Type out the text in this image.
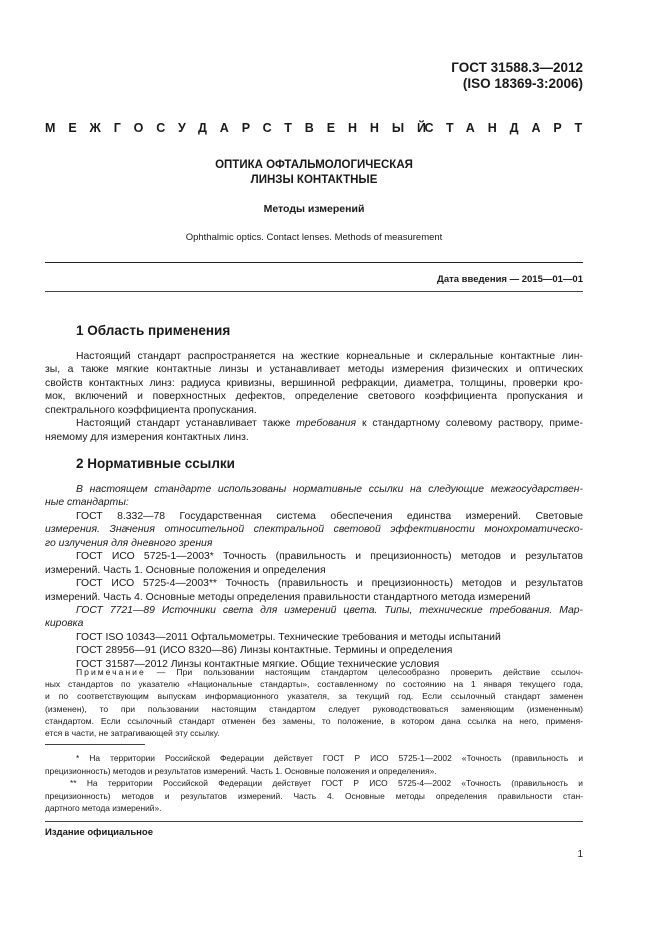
ГОСТ 31588.3—2012
(ISO 18369-3:2006)
МЕЖГОСУДАРСТВЕННЫЙ
СТАНДАРТ
ОПТИКА ОФТАЛЬМОЛОГИЧЕСКАЯ
ЛИНЗЫ КОНТАКТНЫЕ
Методы измерений
Ophthalmic optics. Contact lenses. Methods of measurement
Дата введения — 2015—01—01
1 Область применения
Настоящий стандарт распространяется на жесткие корнеальные и склеральные контактные лин-
зы, а также мягкие контактные линзы и устанавливает методы измерения физических и оптических
свойств контактных линз: радиуса кривизны, вершинной рефракции, диаметра, толщины, проверки кро-
мок, включений и поверхностных дефектов, определение светового коэффициента пропускания и
спектрального коэффициента пропускания.
Настоящий стандарт устанавливает также требования к стандартному солевому раствору, приме-
няемому для измерения контактных линз.
2 Нормативные ссылки
В настоящем стандарте использованы нормативные ссылки на следующие межгосударствен-
ные стандарты:
ГОСТ 8.332—78 Государственная система обеспечения единства измерений. Световые
измерения. Значения относительной спектральной световой эффективности монохроматическо-
го излучения для дневного зрения
ГОСТ ИСО 5725-1—2003* Точность (правильность и прецизионность) методов и результатов
измерений. Часть 1. Основные положения и определения
ГОСТ ИСО 5725-4—2003** Точность (правильность и прецизионность) методов и результатов
измерений. Часть 4. Основные методы определения правильности стандартного метода измерений
ГОСТ 7721—89 Источники света для измерений цвета. Типы, технические требования. Мар-
кировка
ГОСТ ISO 10343—2011 Офтальмометры. Технические требования и методы испытаний
ГОСТ 28956—91 (ИСО 8320—86) Линзы контактные. Термины и определения
ГОСТ 31587—2012 Линзы контактные мягкие. Общие технические условия
Примечание — При пользовании настоящим стандартом целесообразно проверить действие ссылоч-
ных стандартов по указателю «Национальные стандарты», составленному по состоянию на 1 января текущего года,
и по соответствующим выпускам информационного указателя, за текущий год. Если ссылочный стандарт заменен
(изменен), то при пользовании настоящим стандартом следует руководствоваться заменяющим (измененным)
стандартом. Если ссылочный стандарт отменен без замены, то положение, в котором дана ссылка на него, применя-
ется в части, не затрагивающей эту ссылку.
* На территории Российской Федерации действует ГОСТ Р ИСО 5725-1—2002 «Точность (правильность и
прецизионность) методов и результатов измерений. Часть 1. Основные положения и определения».
** На территории Российской Федерации действует ГОСТ Р ИСО 5725-4—2002 «Точность (правильность и
прецизионность) методов и результатов измерений. Часть 4. Основные методы определения правильности стан-
дартного метода измерений».
Издание официальное
1
